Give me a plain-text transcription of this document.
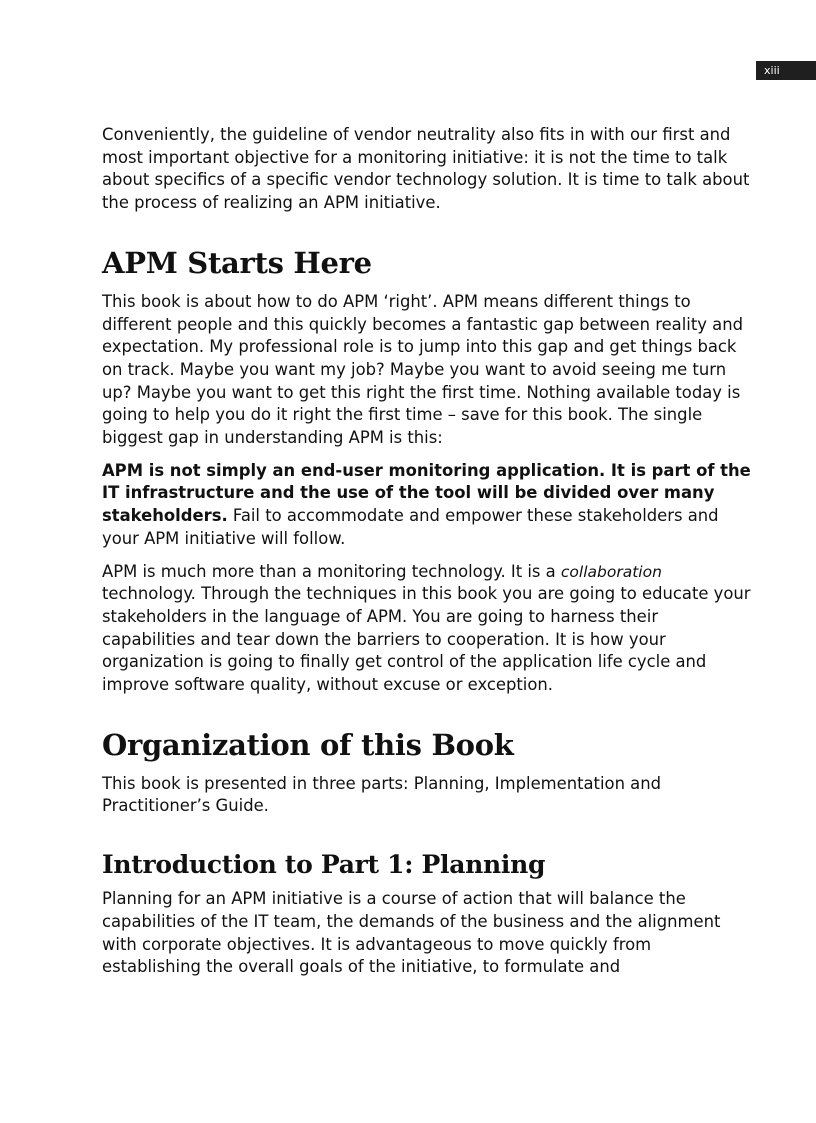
xiii

Conveniently, the guideline of vendor neutrality also fits in with our first and most important objective for a monitoring initiative: it is not the time to talk about specifics of a specific vendor technology solution. It is time to talk about the process of realizing an APM initiative.

APM Starts Here

This book is about how to do APM ‘right’. APM means different things to different people and this quickly becomes a fantastic gap between reality and expectation. My professional role is to jump into this gap and get things back on track. Maybe you want my job? Maybe you want to avoid seeing me turn up? Maybe you want to get this right the first time. Nothing available today is going to help you do it right the first time – save for this book. The single biggest gap in understanding APM is this:

APM is not simply an end-user monitoring application. It is part of the IT infrastructure and the use of the tool will be divided over many stakeholders. Fail to accommodate and empower these stakeholders and your APM initiative will follow.

APM is much more than a monitoring technology. It is a collaboration technology. Through the techniques in this book you are going to educate your stakeholders in the language of APM. You are going to harness their capabilities and tear down the barriers to cooperation. It is how your organization is going to finally get control of the application life cycle and improve software quality, without excuse or exception.

Organization of this Book

This book is presented in three parts: Planning, Implementation and Practitioner’s Guide.

Introduction to Part 1: Planning

Planning for an APM initiative is a course of action that will balance the capabilities of the IT team, the demands of the business and the alignment with corporate objectives. It is advantageous to move quickly from establishing the overall goals of the initiative, to formulate and
